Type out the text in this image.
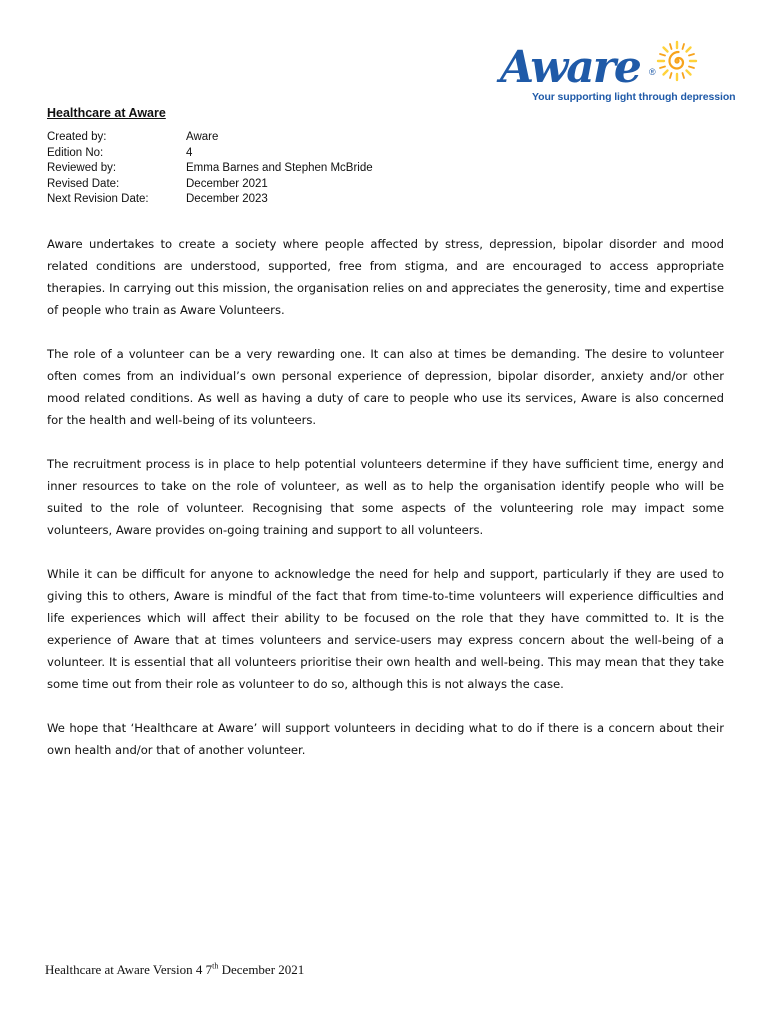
Aware ®
Your supporting light through depression
Healthcare at Aware
Created by:	Aware
Edition No:	4
Reviewed by:	Emma Barnes and Stephen McBride
Revised Date:	December 2021
Next Revision Date:	December 2023

Aware undertakes to create a society where people affected by stress, depression, bipolar disorder and mood related conditions are understood, supported, free from stigma, and are encouraged to access appropriate therapies. In carrying out this mission, the organisation relies on and appreciates the generosity, time and expertise of people who train as Aware Volunteers.

The role of a volunteer can be a very rewarding one. It can also at times be demanding. The desire to volunteer often comes from an individual’s own personal experience of depression, bipolar disorder, anxiety and/or other mood related conditions. As well as having a duty of care to people who use its services, Aware is also concerned for the health and well-being of its volunteers.

The recruitment process is in place to help potential volunteers determine if they have sufficient time, energy and inner resources to take on the role of volunteer, as well as to help the organisation identify people who will be suited to the role of volunteer. Recognising that some aspects of the volunteering role may impact some volunteers, Aware provides on-going training and support to all volunteers.

While it can be difficult for anyone to acknowledge the need for help and support, particularly if they are used to giving this to others, Aware is mindful of the fact that from time-to-time volunteers will experience difficulties and life experiences which will affect their ability to be focused on the role that they have committed to. It is the experience of Aware that at times volunteers and service-users may express concern about the well-being of a volunteer. It is essential that all volunteers prioritise their own health and well-being. This may mean that they take some time out from their role as volunteer to do so, although this is not always the case.

We hope that ‘Healthcare at Aware’ will support volunteers in deciding what to do if there is a concern about their own health and/or that of another volunteer.

Healthcare at Aware Version 4 7th December 2021
